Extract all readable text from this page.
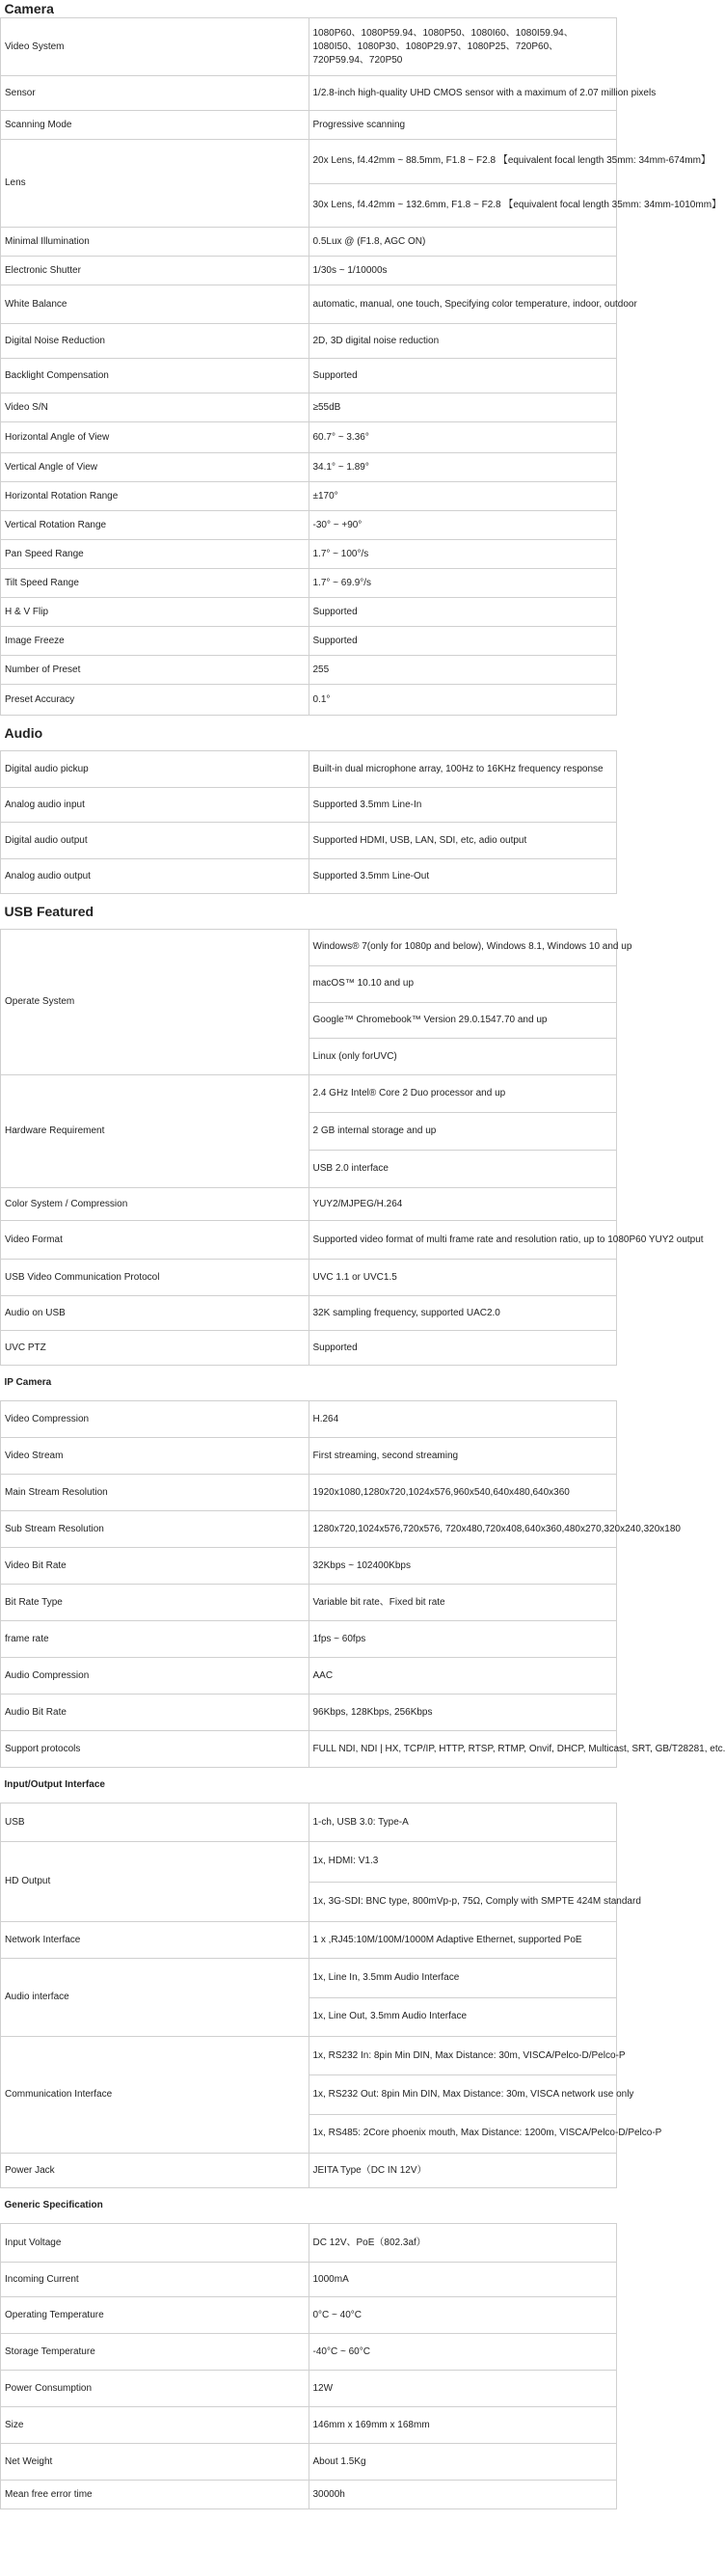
Camera	
Video System	1080P60、1080P59.94、1080P50、1080I60、1080I59.94、1080I50、1080P30、1080P29.97、1080P25、720P60、720P59.94、720P50
Sensor	1/2.8-inch high-quality UHD CMOS sensor with a maximum of 2.07 million pixels
Scanning Mode	Progressive scanning
Lens	20x Lens, f4.42mm ~ 88.5mm, F1.8 ~ F2.8 【equivalent focal length 35mm: 34mm-674mm】
30x Lens, f4.42mm ~ 132.6mm, F1.8 ~ F2.8 【equivalent focal length 35mm: 34mm-1010mm】

Minimal Illumination	0.5Lux @ (F1.8, AGC ON)
Electronic Shutter	1/30s ~ 1/10000s
White Balance	automatic, manual, one touch, Specifying color temperature, indoor, outdoor
Digital Noise Reduction	2D, 3D digital noise reduction
Backlight Compensation	Supported
Video S/N	≥55dB
Horizontal Angle of View	60.7° ~ 3.36°
Vertical Angle of View	34.1° ~ 1.89°
Horizontal Rotation Range	±170°
Vertical Rotation Range	-30° ~ +90°
Pan Speed Range	1.7° ~ 100°/s
Tilt Speed Range	1.7° ~ 69.9°/s
H & V Flip	Supported
Image Freeze	Supported
Number of Preset	255
Preset Accuracy	0.1°
Audio	
Digital audio pickup	Built-in dual microphone array, 100Hz to 16KHz frequency response
Analog audio input	Supported 3.5mm Line-In
Digital audio output	Supported HDMI, USB, LAN, SDI, etc, adio output
Analog audio output	Supported 3.5mm Line-Out
USB Featured	
Operate System	Windows® 7(only for 1080p and below), Windows 8.1, Windows 10 and up
macOS™ 10.10 and up
Google™ Chromebook™ Version 29.0.1547.70 and up
Linux (only forUVC)

Hardware Requirement	2.4 GHz Intel® Core 2 Duo processor and up
2 GB internal storage and up
USB 2.0 interface

Color System / Compression	YUY2/MJPEG/H.264
Video Format	Supported video format of multi frame rate and resolution ratio, up to 1080P60 YUY2 output
USB Video Communication Protocol	UVC 1.1 or UVC1.5
Audio on USB	32K sampling frequency, supported UAC2.0
UVC PTZ	Supported
IP Camera	
Video Compression	H.264
Video Stream	First streaming, second streaming
Main Stream Resolution	1920x1080,1280x720,1024x576,960x540,640x480,640x360
Sub Stream Resolution	1280x720,1024x576,720x576, 720x480,720x408,640x360,480x270,320x240,320x180
Video Bit Rate	32Kbps ~ 102400Kbps
Bit Rate Type	Variable bit rate、Fixed bit rate
frame rate	1fps ~ 60fps
Audio Compression	AAC
Audio Bit Rate	96Kbps, 128Kbps, 256Kbps
Support protocols	FULL NDI, NDI | HX, TCP/IP, HTTP, RTSP, RTMP, Onvif, DHCP, Multicast, SRT, GB/T28281, etc.
Input/Output Interface	
USB	1-ch, USB 3.0: Type-A
HD Output	1x, HDMI: V1.3
1x, 3G-SDI: BNC type, 800mVp-p, 75Ω, Comply with SMPTE 424M standard

Network Interface	1 x ,RJ45:10M/100M/1000M Adaptive Ethernet, supported PoE
Audio interface	1x, Line In, 3.5mm Audio Interface
1x, Line Out, 3.5mm Audio Interface

Communication Interface	1x, RS232 In: 8pin Min DIN, Max Distance: 30m, VISCA/Pelco-D/Pelco-P
1x, RS232 Out: 8pin Min DIN, Max Distance: 30m, VISCA network use only
1x, RS485: 2Core phoenix mouth, Max Distance: 1200m, VISCA/Pelco-D/Pelco-P

Power Jack	JEITA Type（DC IN 12V）
Generic Specification	
Input Voltage	DC 12V、PoE（802.3af）
Incoming Current	1000mA
Operating Temperature	0°C ~ 40°C
Storage Temperature	-40°C ~ 60°C
Power Consumption	12W
Size	146mm x 169mm x 168mm
Net Weight	About 1.5Kg
Mean free error time	30000h
